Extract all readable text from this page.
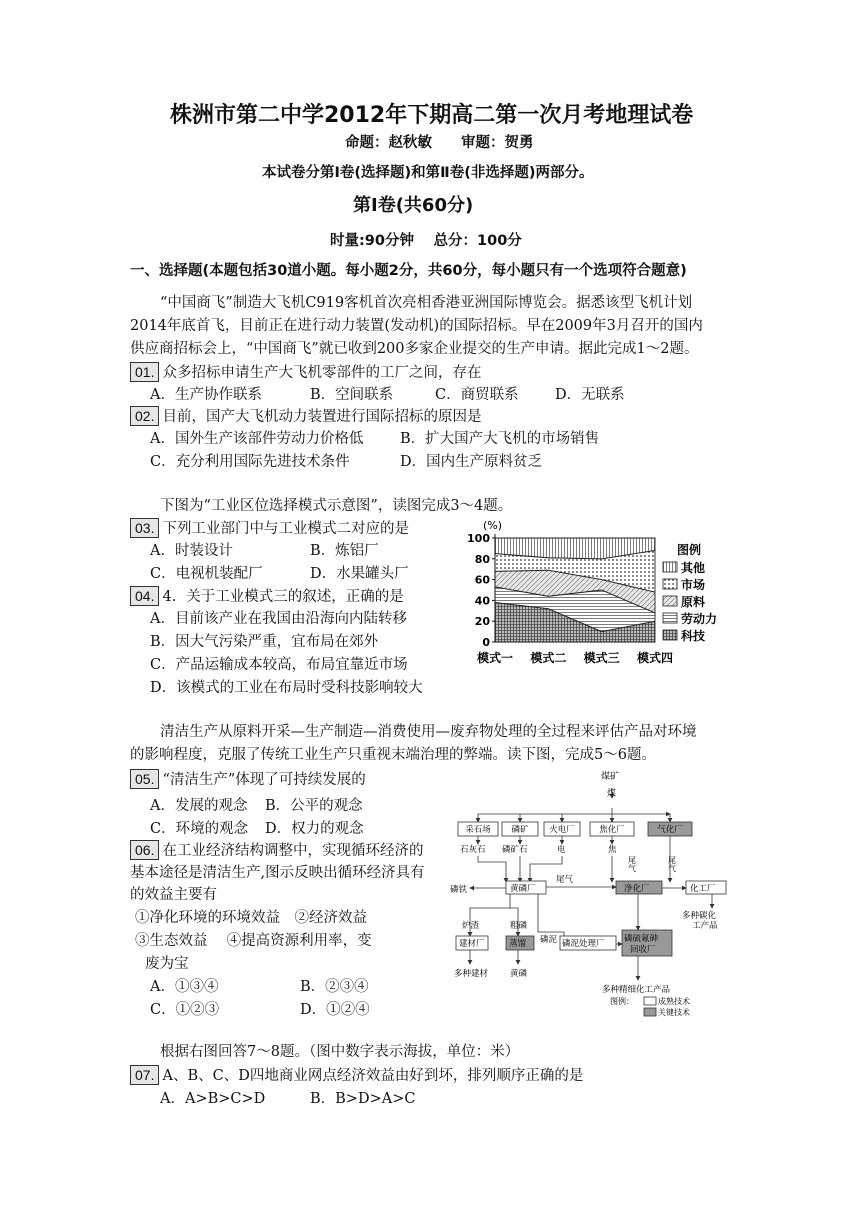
株洲市第二中学2012年下期高二第一次月考地理试卷
命题：赵秋敏　　审题：贺勇
本试卷分第Ⅰ卷(选择题)和第Ⅱ卷(非选择题)两部分。
第Ⅰ卷(共60分)
时量:90分钟　 总分：100分
一、选择题(本题包括30道小题。每小题2分，共60分，每小题只有一个选项符合题意)
“中国商飞”制造大飞机C919客机首次亮相香港亚洲国际博览会。据悉该型飞机计划
2014年底首飞，目前正在进行动力装置(发动机)的国际招标。早在2009年3月召开的国内
供应商招标会上，“中国商飞”就已收到200多家企业提交的生产申请。据此完成1～2题。
01. 众多招标申请生产大飞机零部件的工厂之间，存在
A．生产协作联系	B．空间联系	C．商贸联系	D．无联系
02. 目前，国产大飞机动力装置进行国际招标的原因是
A．国外生产该部件劳动力价格低	B．扩大国产大飞机的市场销售
C．充分利用国际先进技术条件	D．国内生产原料贫乏
下图为“工业区位选择模式示意图”，读图完成3～4题。
03. 下列工业部门中与工业模式二对应的是
A．时装设计	B．炼铝厂
C．电视机装配厂	D．水果罐头厂
04. 4．关于工业模式三的叙述，正确的是
A．目前该产业在我国由沿海向内陆转移
B．因大气污染严重，宜布局在郊外
C．产品运输成本较高，布局宜靠近市场
D．该模式的工业在布局时受科技影响较大
0
20
40
60
80
100
模式一 模式二 模式三 模式四
(%)
图例
其他
市场
原料
劳动力
科技
清洁生产从原料开采—生产制造—消费使用—废弃物处理的全过程来评估产品对环境
的影响程度，克服了传统工业生产只重视末端治理的弊端。读下图，完成5～6题。
05. “清洁生产”体现了可持续发展的
A．发展的观念 B．公平的观念
C．环境的观念 D．权力的观念
06. 在工业经济结构调整中，实现循环经济的
基本途径是清洁生产,图示反映出循环经济具有
的效益主要有
①净化环境的环境效益　②经济效益
③生态效益　 ④提高资源利用率，变
废为宝
A．①③④	B．②③④
C．①②③	D．①②④
煤矿
煤
采石场 磷矿 火电厂	焦化厂	气化厂
石灰石 磷矿石	电	焦
尾气	尾气
磷铁	黄磷厂
尾气
净化厂	化工厂
多种碳化
工产品
炉渣	粗磷
磷泥
建材厂	蒸馏	磷泥处理厂 磷硫氟砷
回收厂
多种建材	黄磷
多种精细化工产品
图例：	成熟技术
关键技术
根据右图回答7～8题。（图中数字表示海拔，单位：米）
07. A、B、C、D四地商业网点经济效益由好到坏，排列顺序正确的是
A．A>B>C>D	B．B>D>A>C
